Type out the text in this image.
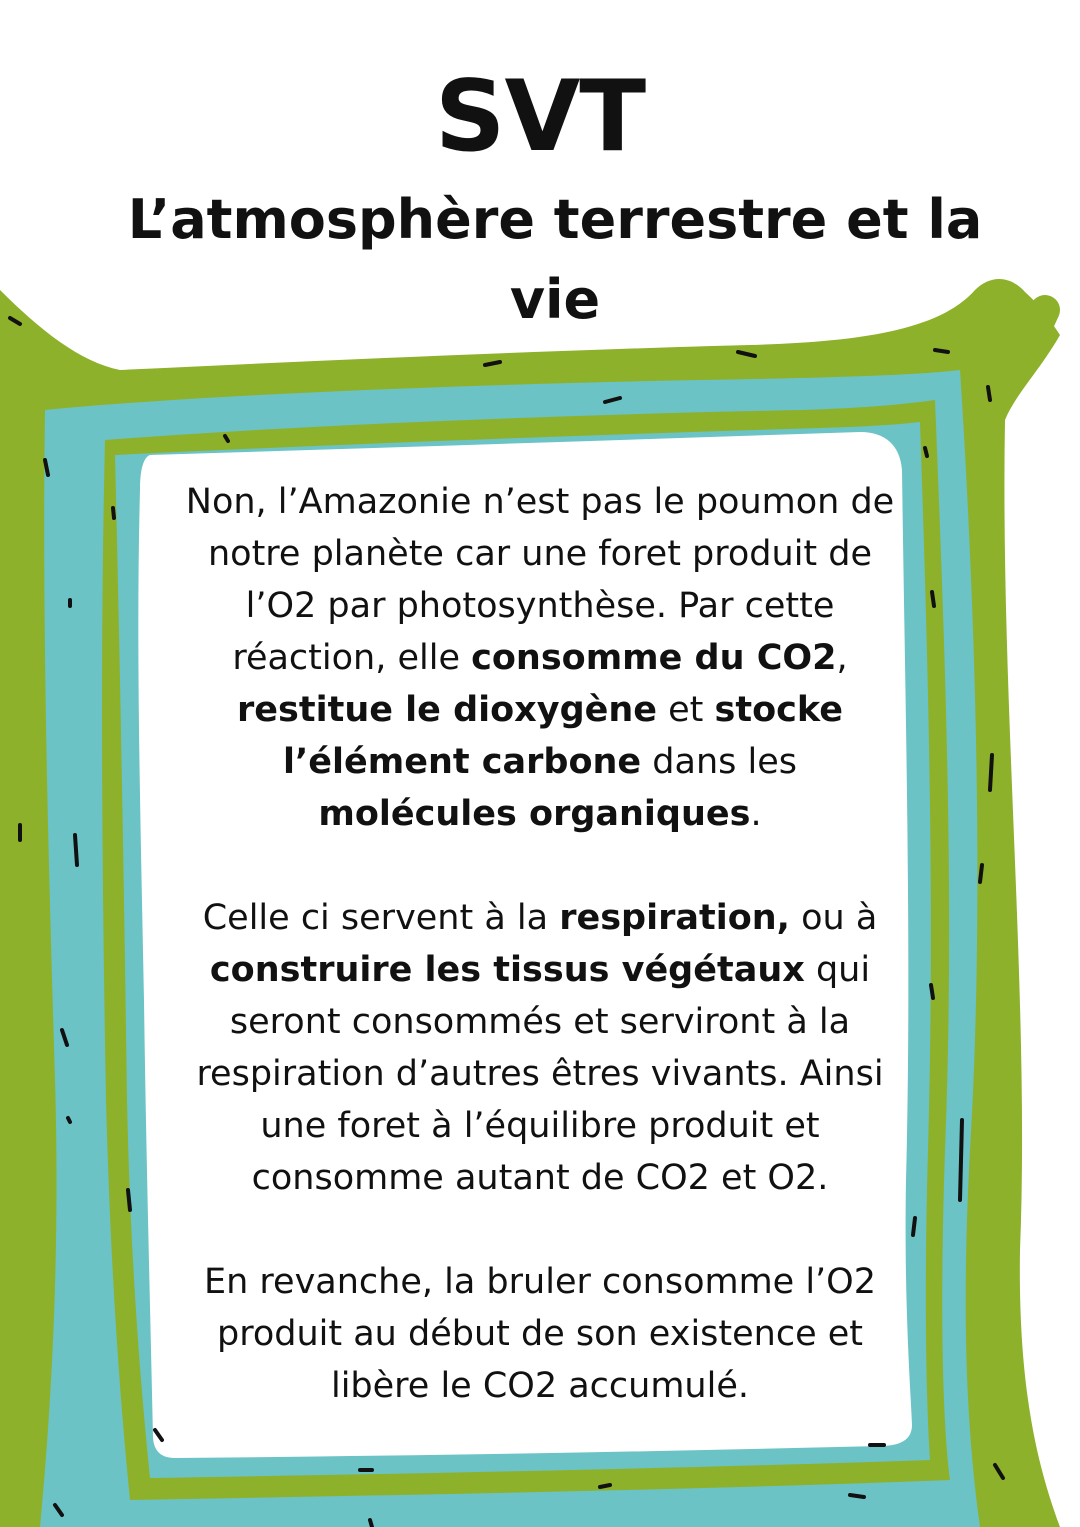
SVT
L’atmosphère terrestre et la vie

Non, l’Amazonie n’est pas le poumon de notre planète car une foret produit de l’O2 par photosynthèse. Par cette réaction, elle consomme du CO2, restitue le dioxygène et stocke l’élément carbone dans les molécules organiques.

Celle ci servent à la respiration, ou à construire les tissus végétaux qui seront consommés et serviront à la respiration d’autres êtres vivants. Ainsi une foret à l’équilibre produit et consomme autant de CO2 et O2.

En revanche, la bruler consomme l’O2 produit au début de son existence et libère le CO2 accumulé.
